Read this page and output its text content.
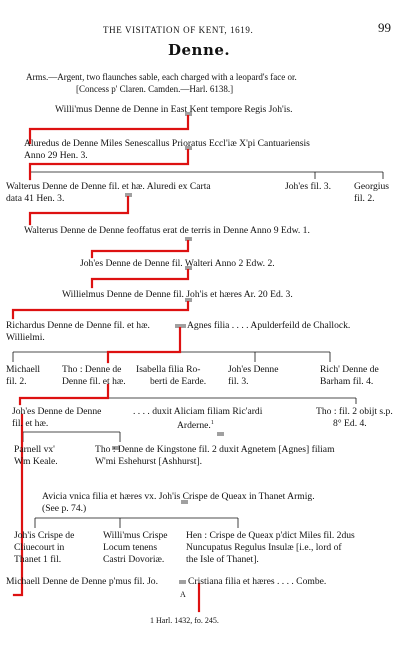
THE VISITATION OF KENT, 1619.	99
Denne.
Arms.—Argent, two flaunches sable, each charged with a leopard's face or.
[Concess p' Claren. Camden.—Harl. 6138.]
Willi'mus Denne de Denne in East Kent tempore Regis Joh'is.
Aluredus de Denne Miles Senescallus Prioratus Eccl'iæ X'pi Cantuariensis
Anno 29 Hen. 3.
Walterus Denne de Denne fil. et hæ. Aluredi ex Carta
data 41 Hen. 3.
Joh'es fil. 3. Georgius
fil. 2.
Walterus Denne de Denne feoffatus erat de terris in Denne Anno 9 Edw. 1.
Joh'es Denne de Denne fil. Walteri Anno 2 Edw. 2.
Willielmus Denne de Denne fil. Joh'is et hæres Ar. 20 Ed. 3.
Richardus Denne de Denne fil. et hæ.	Agnes filia . . . . Apulderfeild de Challock.
Willielmi.
Michaell
fil. 2.
Tho : Denne de
Denne fil. et hæ.
Isabella filia Ro-
berti de Earde.
Joh'es Denne
fil. 3.
Rich' Denne de
Barham fil. 4.
Joh'es Denne de Denne
fil. et hæ.
. . . . duxit Aliciam filiam Ric'ardi
Arderne.$^1$
Tho : fil. 2 obijt s.p.
8° Ed. 4.
Parnell vx'
Wm Keale.
Tho : Denne de Kingstone fil. 2 duxit Agnetem [Agnes] filiam
W'mi Eshehurst [Ashhurst].
Avicia vnica filia et hæres vx. Joh'is Crispe de Queax in Thanet Armig.
(See p. 74.)
Joh'is Crispe de
Cliuecourt in
Thanet 1 fil.
Willi'mus Crispe
Locum tenens
Castri Dovoriæ.
Hen : Crispe de Queax p'dict Miles fil. 2dus
Nuncupatus Regulus Insulæ [i.e., lord of
the Isle of Thanet].
Michaell Denne de Denne p'mus fil. Jo.	Cristiana filia et hæres . . . . Combe.
A
1 Harl. 1432, fo. 245.
